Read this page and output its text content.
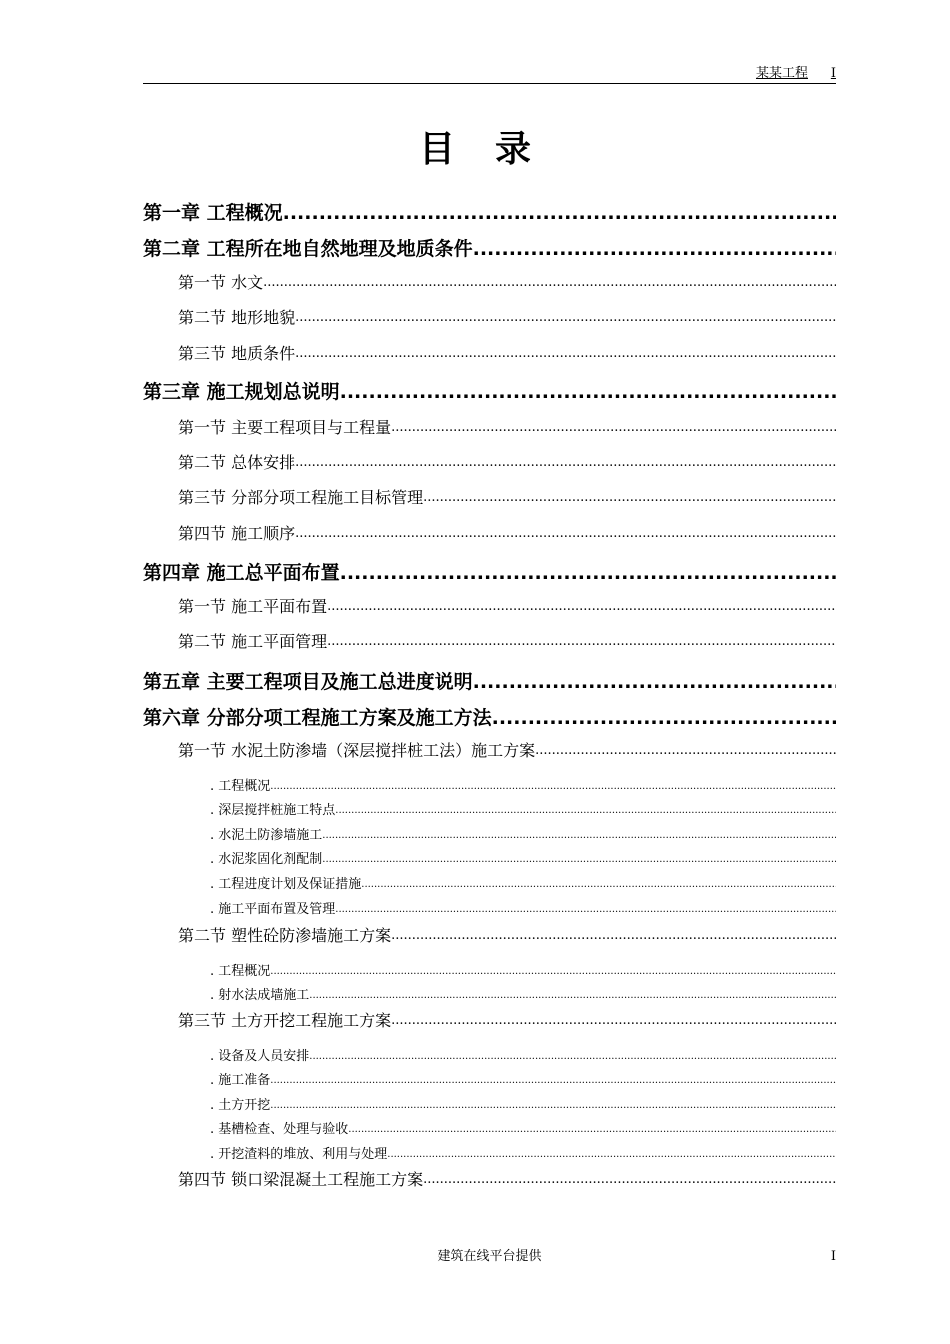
某某工程 I
目录
第一章 工程概况
.....
第二章 工程所在地自然地理及地质条件
.....
第一节 水文
.....
第二节 地形地貌
.....
第三节 地质条件
.....
第三章 施工规划总说明
.....
第一节 主要工程项目与工程量
.....
第二节 总体安排
.....
第三节 分部分项工程施工目标管理
.....
第四节 施工顺序
.....
第四章 施工总平面布置
.....
第一节 施工平面布置
.....
第二节 施工平面管理
.....
第五章 主要工程项目及施工总进度说明
.....
第六章 分部分项工程施工方案及施工方法
.....
第一节 水泥土防渗墙（深层搅拌桩工法）施工方案
.....
. 工程概况
.....
. 深层搅拌桩施工特点
.....
. 水泥土防渗墙施工
.....
. 水泥浆固化剂配制
.....
. 工程进度计划及保证措施
.....
. 施工平面布置及管理
.....
第二节 塑性砼防渗墙施工方案
.....
. 工程概况
.....
. 射水法成墙施工
.....
第三节 土方开挖工程施工方案
.....
. 设备及人员安排
.....
. 施工准备
.....
. 土方开挖
.....
. 基槽检查、处理与验收
.....
. 开挖渣料的堆放、利用与处理
.....
第四节 锁口梁混凝土工程施工方案
.....
建筑在线平台提供	I
